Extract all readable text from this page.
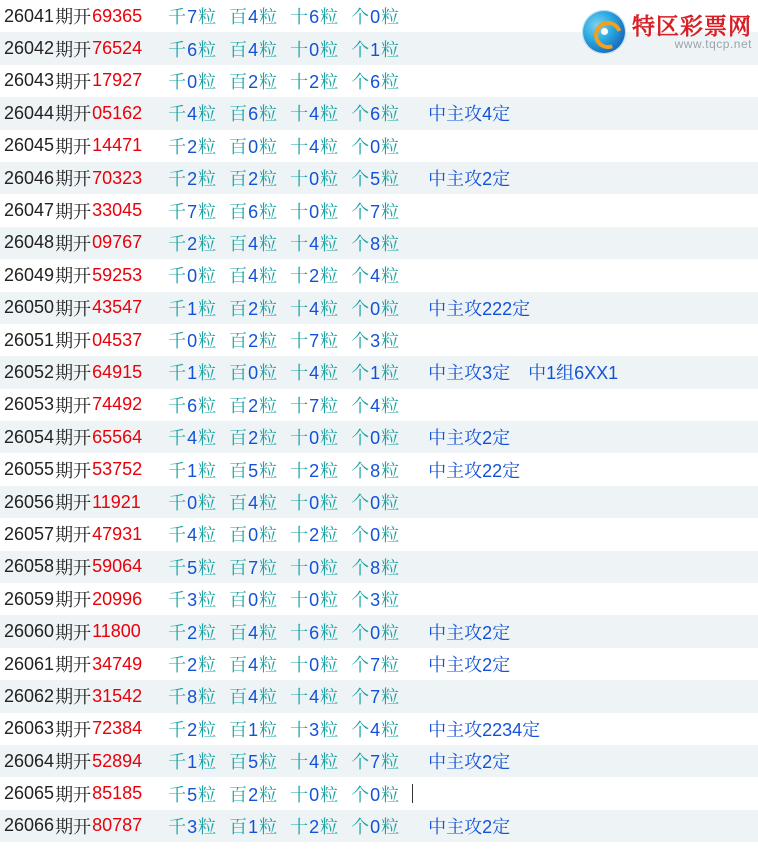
26041 期开 69365	千7粒 百4粒 十6粒 个0粒
26042 期开 76524	千6粒 百4粒 十0粒 个1粒
26043 期开 17927	千0粒 百2粒 十2粒 个6粒
26044 期开 05162	千4粒 百6粒 十4粒 个6粒	中主攻4定
26045 期开 14471	千2粒 百0粒 十4粒 个0粒
26046 期开 70323	千2粒 百2粒 十0粒 个5粒	中主攻2定
26047 期开 33045	千7粒 百6粒 十0粒 个7粒
26048 期开 09767	千2粒 百4粒 十4粒 个8粒
26049 期开 59253	千0粒 百4粒 十2粒 个4粒
26050 期开 43547	千1粒 百2粒 十4粒 个0粒	中主攻222定
26051 期开 04537	千0粒 百2粒 十7粒 个3粒
26052 期开 64915	千1粒 百0粒 十4粒 个1粒	中主攻3定 中1组6XX1
26053 期开 74492	千6粒 百2粒 十7粒 个4粒
26054 期开 65564	千4粒 百2粒 十0粒 个0粒	中主攻2定
26055 期开 53752	千1粒 百5粒 十2粒 个8粒	中主攻22定
26056 期开 11921	千0粒 百4粒 十0粒 个0粒
26057 期开 47931	千4粒 百0粒 十2粒 个0粒
26058 期开 59064	千5粒 百7粒 十0粒 个8粒
26059 期开 20996	千3粒 百0粒 十0粒 个3粒
26060 期开 11800	千2粒 百4粒 十6粒 个0粒	中主攻2定
26061 期开 34749	千2粒 百4粒 十0粒 个7粒	中主攻2定
26062 期开 31542	千8粒 百4粒 十4粒 个7粒
26063 期开 72384	千2粒 百1粒 十3粒 个4粒	中主攻2234定
26064 期开 52894	千1粒 百5粒 十4粒 个7粒	中主攻2定
26065 期开 85185	千5粒 百2粒 十0粒 个0粒
26066 期开 80787	千3粒 百1粒 十2粒 个0粒	中主攻2定
特区彩票网
www.tqcp.net
